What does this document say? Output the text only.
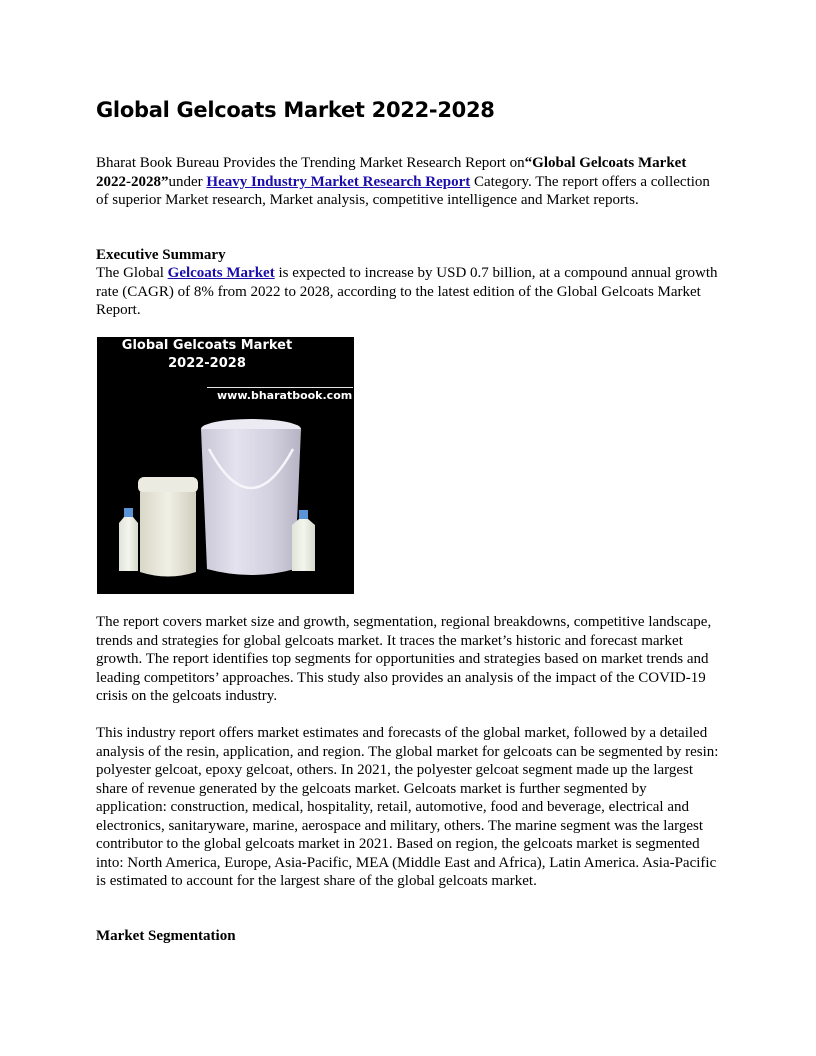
Global Gelcoats Market 2022-2028
Bharat Book Bureau Provides the Trending Market Research Report on“Global Gelcoats Market 2022-2028”under Heavy Industry Market Research Report Category. The report offers a collection of superior Market research, Market analysis, competitive intelligence and Market reports.
Executive Summary
The Global Gelcoats Market is expected to increase by USD 0.7 billion, at a compound annual growth rate (CAGR) of 8% from 2022 to 2028, according to the latest edition of the Global Gelcoats Market Report.
Global Gelcoats Market
2022-2028
www.bharatbook.com
The report covers market size and growth, segmentation, regional breakdowns, competitive landscape, trends and strategies for global gelcoats market. It traces the market’s historic and forecast market growth. The report identifies top segments for opportunities and strategies based on market trends and leading competitors’ approaches. This study also provides an analysis of the impact of the COVID-19 crisis on the gelcoats industry.
This industry report offers market estimates and forecasts of the global market, followed by a detailed analysis of the resin, application, and region. The global market for gelcoats can be segmented by resin: polyester gelcoat, epoxy gelcoat, others. In 2021, the polyester gelcoat segment made up the largest share of revenue generated by the gelcoats market. Gelcoats market is further segmented by application: construction, medical, hospitality, retail, automotive, food and beverage, electrical and electronics, sanitaryware, marine, aerospace and military, others. The marine segment was the largest contributor to the global gelcoats market in 2021. Based on region, the gelcoats market is segmented into: North America, Europe, Asia-Pacific, MEA (Middle East and Africa), Latin America. Asia-Pacific is estimated to account for the largest share of the global gelcoats market.
Market Segmentation
